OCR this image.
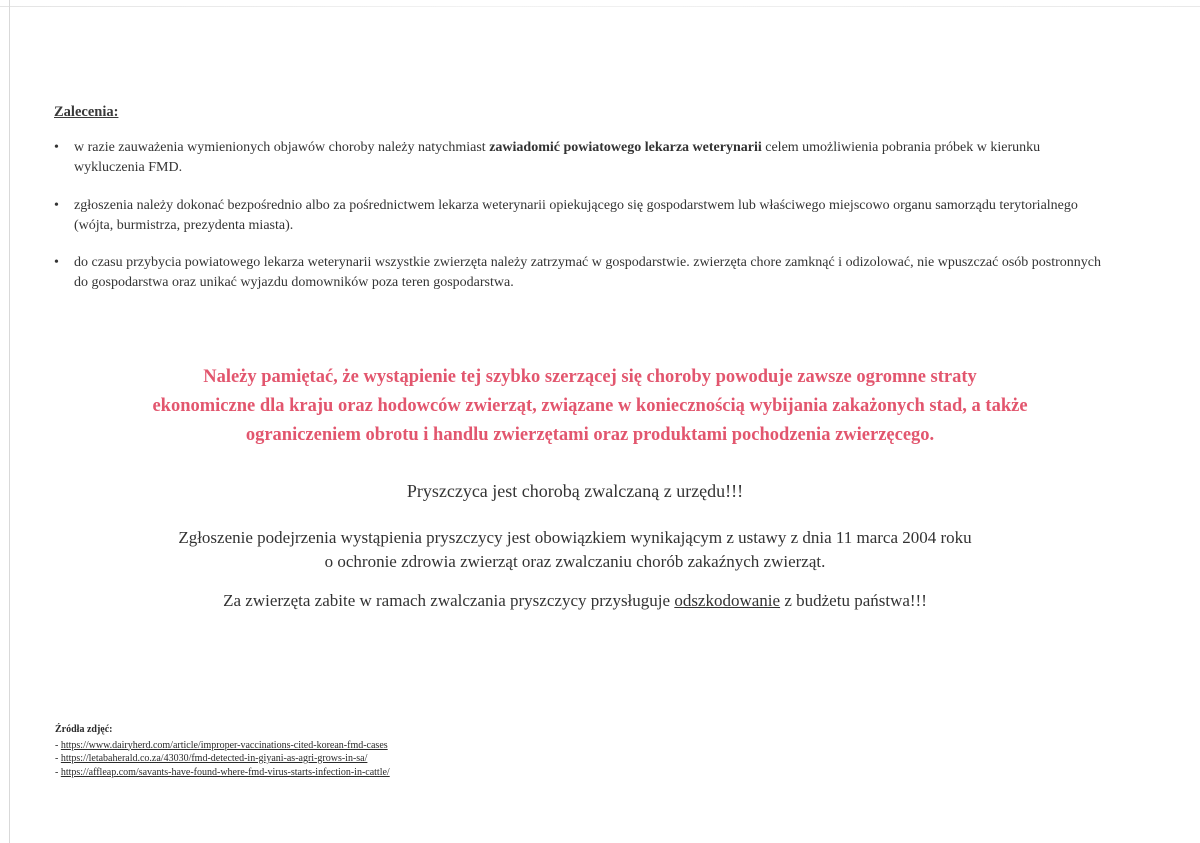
Zalecenia:
• w razie zauważenia wymienionych objawów choroby należy natychmiast zawiadomić powiatowego lekarza weterynarii celem umożliwienia pobrania próbek w kierunku wykluczenia FMD.
• zgłoszenia należy dokonać bezpośrednio albo za pośrednictwem lekarza weterynarii opiekującego się gospodarstwem lub właściwego miejscowo organu samorządu terytorialnego (wójta, burmistrza, prezydenta miasta).
• do czasu przybycia powiatowego lekarza weterynarii wszystkie zwierzęta należy zatrzymać w gospodarstwie. zwierzęta chore zamknąć i odizolować, nie wpuszczać osób postronnych do gospodarstwa oraz unikać wyjazdu domowników poza teren gospodarstwa.
Należy pamiętać, że wystąpienie tej szybko szerzącej się choroby powoduje zawsze ogromne straty
ekonomiczne dla kraju oraz hodowców zwierząt, związane w koniecznością wybijania zakażonych stad, a także
ograniczeniem obrotu i handlu zwierzętami oraz produktami pochodzenia zwierzęcego.
Pryszczyca jest chorobą zwalczaną z urzędu!!!
Zgłoszenie podejrzenia wystąpienia pryszczycy jest obowiązkiem wynikającym z ustawy z dnia 11 marca 2004 roku
o ochronie zdrowia zwierząt oraz zwalczaniu chorób zakaźnych zwierząt.
Za zwierzęta zabite w ramach zwalczania pryszczycy przysługuje odszkodowanie z budżetu państwa!!!
Źródła zdjęć:
- https://www.dairyherd.com/article/improper-vaccinations-cited-korean-fmd-cases
- https://letabaherald.co.za/43030/fmd-detected-in-giyani-as-agri-grows-in-sa/
- https://affleap.com/savants-have-found-where-fmd-virus-starts-infection-in-cattle/
